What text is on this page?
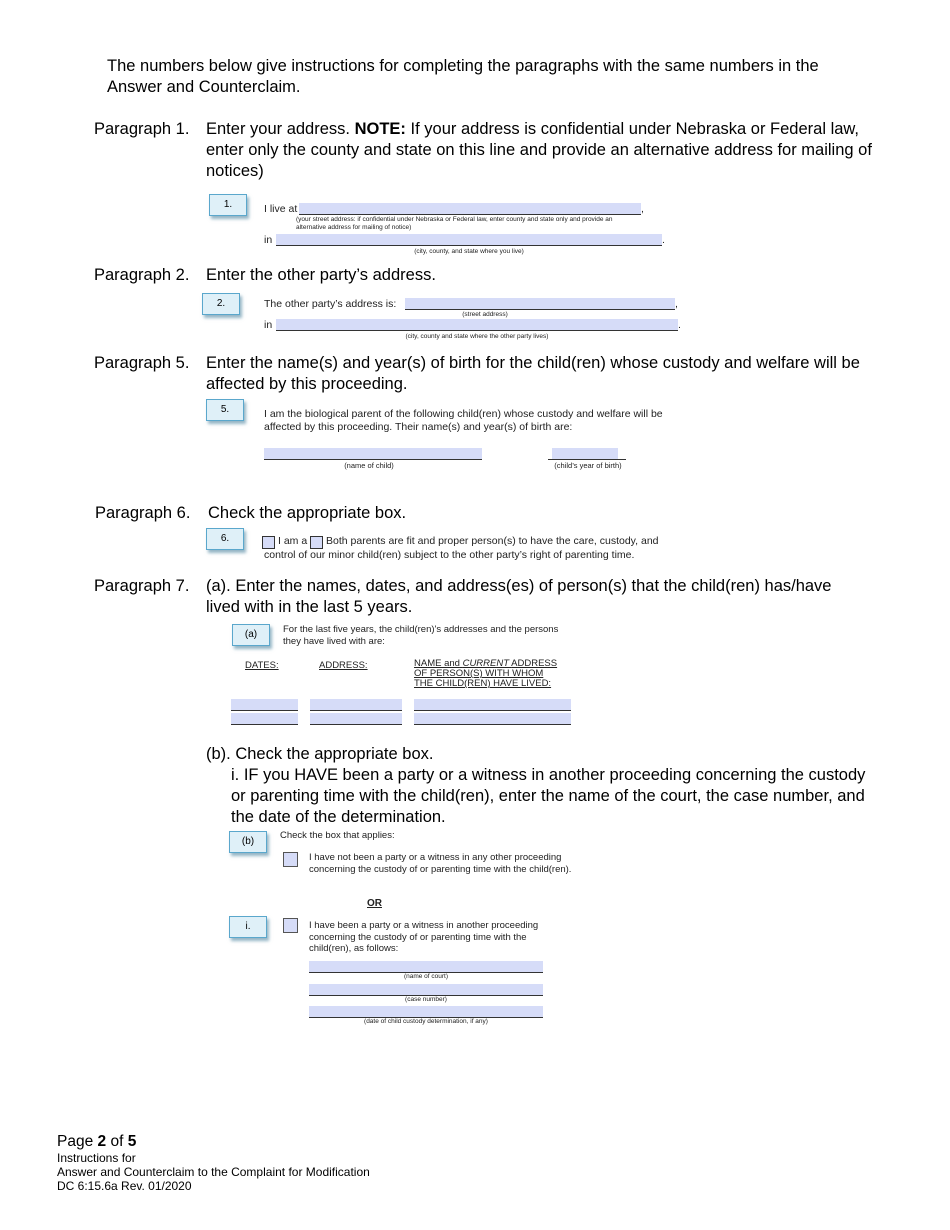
The numbers below give instructions for completing the paragraphs with the same numbers in the Answer and Counterclaim.
Paragraph 1. Enter your address. NOTE: If your address is confidential under Nebraska or Federal law, enter only the county and state on this line and provide an alternative address for mailing of notices)
1.	I live at	,
(your street address: if confidential under Nebraska or Federal law, enter county and state only and provide an alternative address for mailing of notice)
in	.
(city, county, and state where you live)
Paragraph 2. Enter the other party’s address.
2.	The other party’s address is:	,
(street address)
in	.
(city, county and state where the other party lives)
Paragraph 5. Enter the name(s) and year(s) of birth for the child(ren) whose custody and welfare will be affected by this proceeding.
5.	I am the biological parent of the following child(ren) whose custody and welfare will be affected by this proceeding. Their name(s) and year(s) of birth are:
(name of child)	(child’s year of birth)
Paragraph 6. Check the appropriate box.
6.	I am a Both parents are fit and proper person(s) to have the care, custody, and
control of our minor child(ren) subject to the other party’s right of parenting time.
Paragraph 7. (a). Enter the names, dates, and address(es) of person(s) that the child(ren) has/have lived with in the last 5 years.
(a)	For the last five years, the child(ren)'s addresses and the persons they have lived with are:
DATES:	ADDRESS:	NAME and CURRENT ADDRESS
OF PERSON(S) WITH WHOM
THE CHILD(REN) HAVE LIVED:
(b). Check the appropriate box.
i. IF you HAVE been a party or a witness in another proceeding concerning the custody or parenting time with the child(ren), enter the name of the court, the case number, and the date of the determination.
(b)
Check the box that applies:
I have not been a party or a witness in any other proceeding concerning the custody of or parenting time with the child(ren).
OR
i.	I have been a party or a witness in another proceeding concerning the custody of or parenting time with the child(ren), as follows:
(name of court)
(case number)
(date of child custody determination, if any)
Page 2 of 5
Instructions for
Answer and Counterclaim to the Complaint for Modification
DC 6:15.6a Rev. 01/2020
